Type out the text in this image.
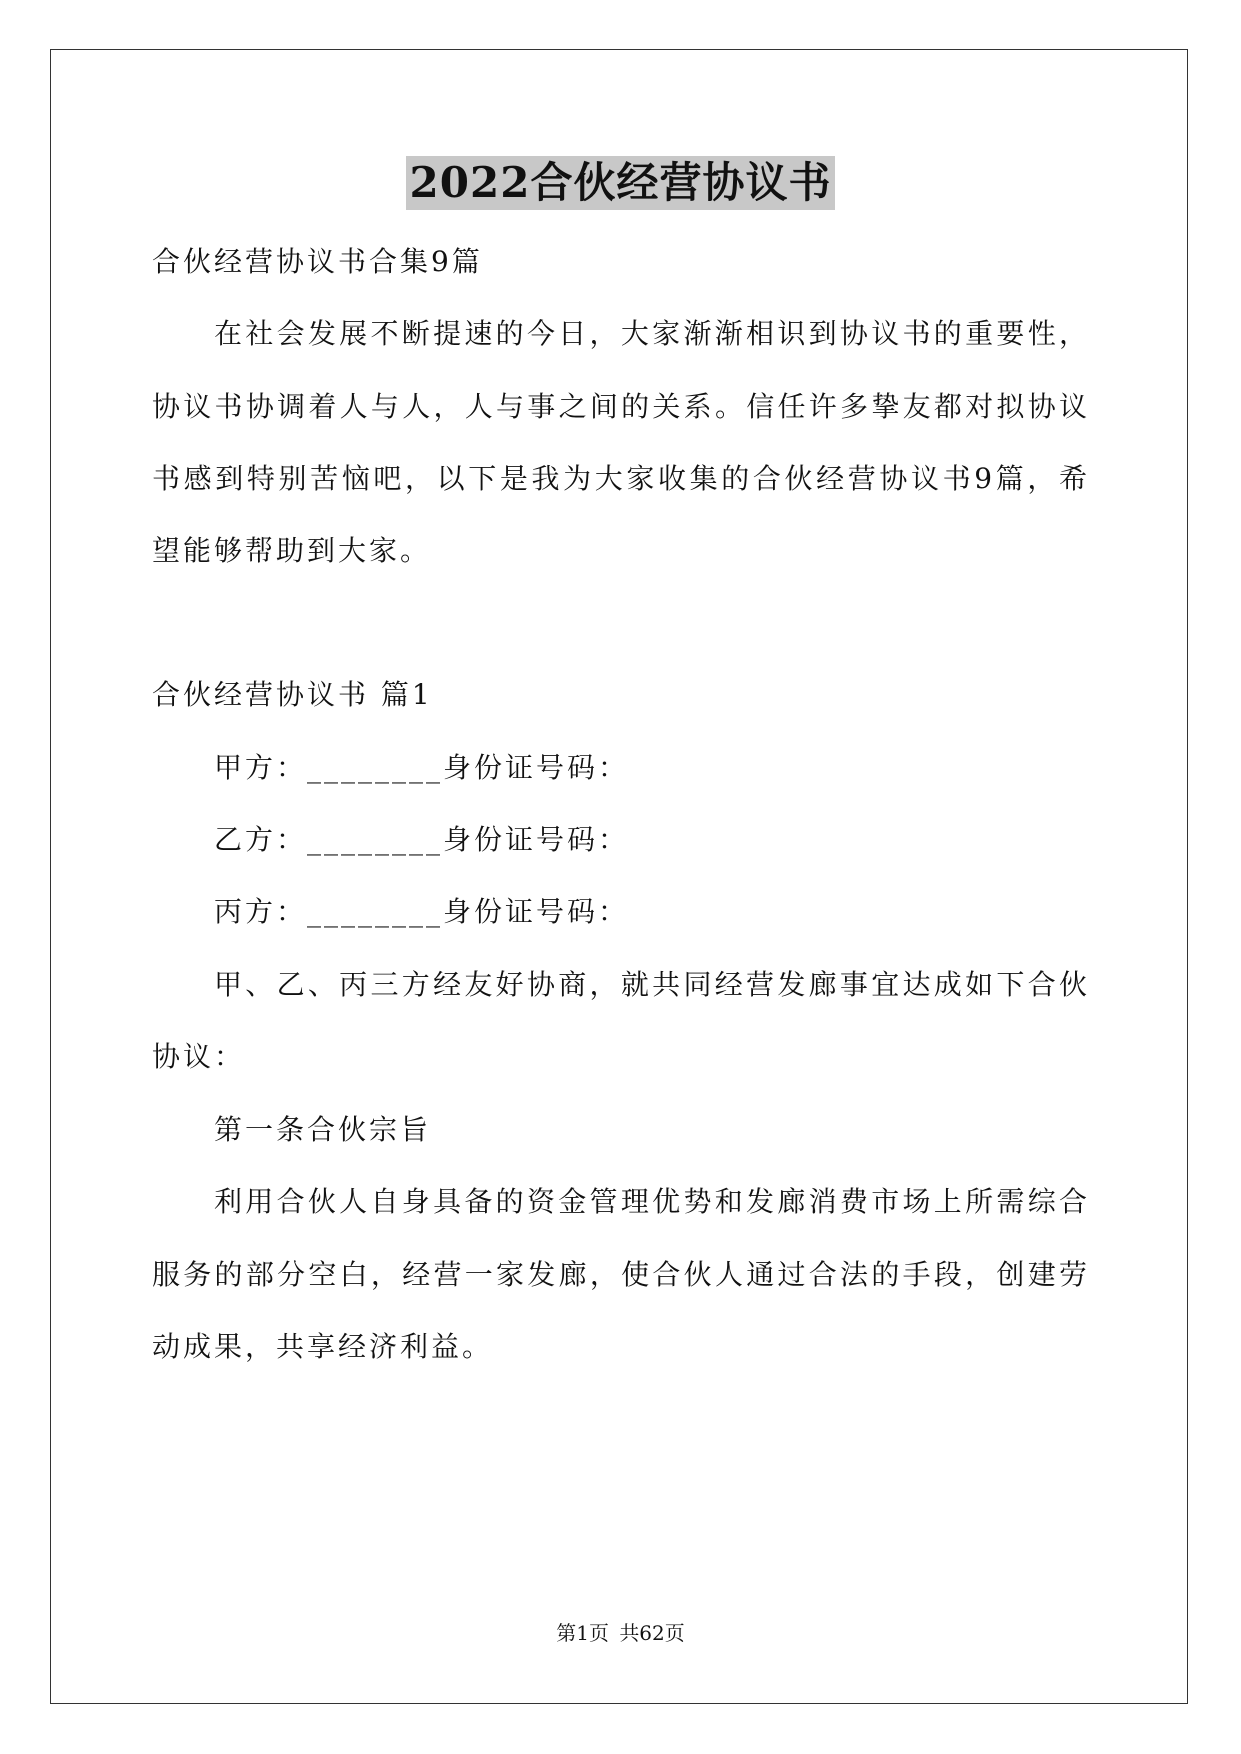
2022合伙经营协议书
合伙经营协议书合集9篇
在社会发展不断提速的今日，大家渐渐相识到协议书的重要性，
协议书协调着人与人，人与事之间的关系。信任许多挚友都对拟协议
书感到特别苦恼吧，以下是我为大家收集的合伙经营协议书9篇，希
望能够帮助到大家。
合伙经营协议书 篇1
甲方：________身份证号码：
乙方：________身份证号码：
丙方：________身份证号码：
甲、乙、丙三方经友好协商，就共同经营发廊事宜达成如下合伙
协议：
第一条合伙宗旨
利用合伙人自身具备的资金管理优势和发廊消费市场上所需综合
服务的部分空白，经营一家发廊，使合伙人通过合法的手段，创建劳
动成果，共享经济利益。
第1页 共62页
